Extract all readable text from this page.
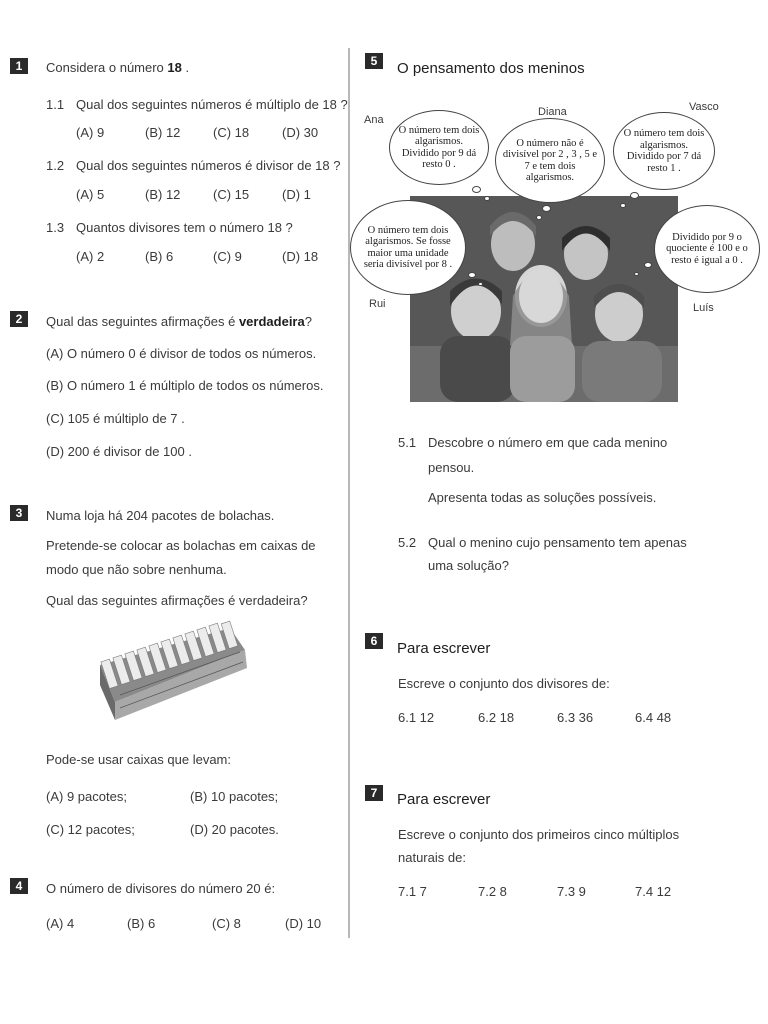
1	Considera o número 18 .
1.1 Qual dos seguintes números é múltiplo de 18 ?
(A) 9	(B) 12	(C) 18	(D) 30
1.2 Qual dos seguintes números é divisor de 18 ?
(A) 5	(B) 12	(C) 15	(D) 1
1.3 Quantos divisores tem o número 18 ?
(A) 2	(B) 6	(C) 9	(D) 18
2	Qual das seguintes afirmações é verdadeira?
(A) O número 0 é divisor de todos os números.
(B) O número 1 é múltiplo de todos os números.
(C) 105 é múltiplo de 7 .
(D) 200 é divisor de 100 .
3	Numa loja há 204 pacotes de bolachas.
Pretende-se colocar as bolachas em caixas de
modo que não sobre nenhuma.
Qual das seguintes afirmações é verdadeira?
Pode-se usar caixas que levam:
(A) 9 pacotes;	(B) 10 pacotes;
(C) 12 pacotes;	(D) 20 pacotes.
4	O número de divisores do número 20 é:
(A) 4	(B) 6	(C) 8	(D) 10
5	O pensamento dos meninos
O número tem dois algarismos. Dividido por 9 dá resto 0 .
O número não é divisível por 2 , 3 , 5 e 7 e tem dois algarismos.
O número tem dois algarismos. Dividido por 7 dá resto 1 .
O número tem dois algarismos. Se fosse maior uma unidade seria divisível por 8 .
Dividido por 9 o quociente é 100 e o resto é igual a 0 .
Ana
Diana	Vasco
Rui	Luís
5.1 Descobre o número em que cada menino
pensou.
Apresenta todas as soluções possíveis.
5.2 Qual o menino cujo pensamento tem apenas
uma solução?
6	Para escrever
Escreve o conjunto dos divisores de:
6.1 12	6.2 18	6.3 36	6.4 48
7	Para escrever
Escreve o conjunto dos primeiros cinco múltiplos
naturais de:
7.1 7	7.2 8	7.3 9	7.4 12
